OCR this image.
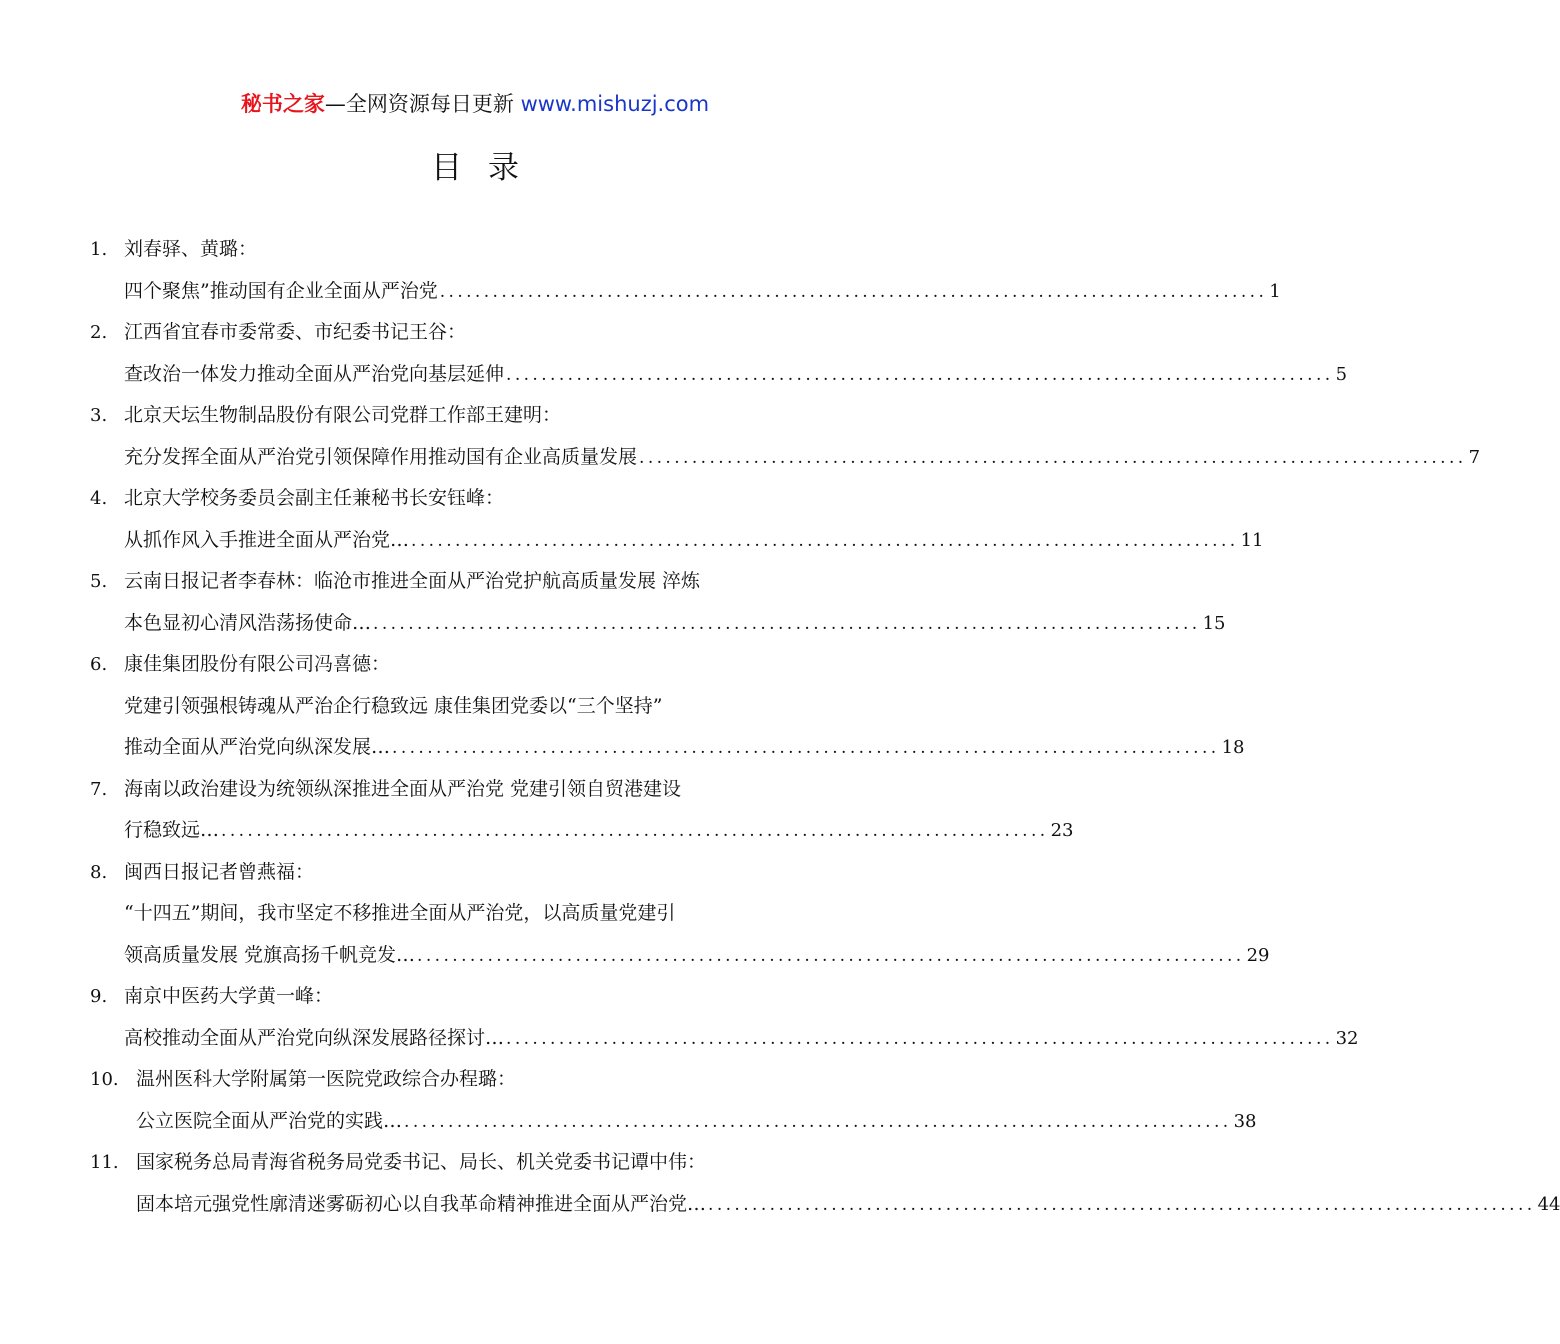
秘书之家—全网资源每日更新 www.mishuzj.com
目录
1. 刘春驿、黄璐：
四个聚焦”推动国有企业全面从严治党 .............................................................................................. 1
2. 江西省宜春市委常委、市纪委书记王谷：
查改治一体发力推动全面从严治党向基层延伸 .............................................................................................. 5
3. 北京天坛生物制品股份有限公司党群工作部王建明：
充分发挥全面从严治党引领保障作用推动国有企业高质量发展 .............................................................................................. 7
4. 北京大学校务委员会副主任兼秘书长安钰峰：
从抓作风入手推进全面从严治党… .............................................................................................. 11
5. 云南日报记者李春林：临沧市推进全面从严治党护航高质量发展 淬炼
本色显初心清风浩荡扬使命… .............................................................................................. 15
6. 康佳集团股份有限公司冯喜德：
党建引领强根铸魂从严治企行稳致远 康佳集团党委以“三个坚持”
推动全面从严治党向纵深发展… .............................................................................................. 18
7. 海南以政治建设为统领纵深推进全面从严治党 党建引领自贸港建设
行稳致远… .............................................................................................. 23
8. 闽西日报记者曾燕福：
“十四五”期间，我市坚定不移推进全面从严治党，以高质量党建引
领高质量发展 党旗高扬千帆竞发… .............................................................................................. 29
9. 南京中医药大学黄一峰：
高校推动全面从严治党向纵深发展路径探讨… .............................................................................................. 32
10. 温州医科大学附属第一医院党政综合办程璐：
公立医院全面从严治党的实践… .............................................................................................. 38
11. 国家税务总局青海省税务局党委书记、局长、机关党委书记谭中伟：
固本培元强党性廓清迷雾砺初心以自我革命精神推进全面从严治党… .............................................................................................. 44
